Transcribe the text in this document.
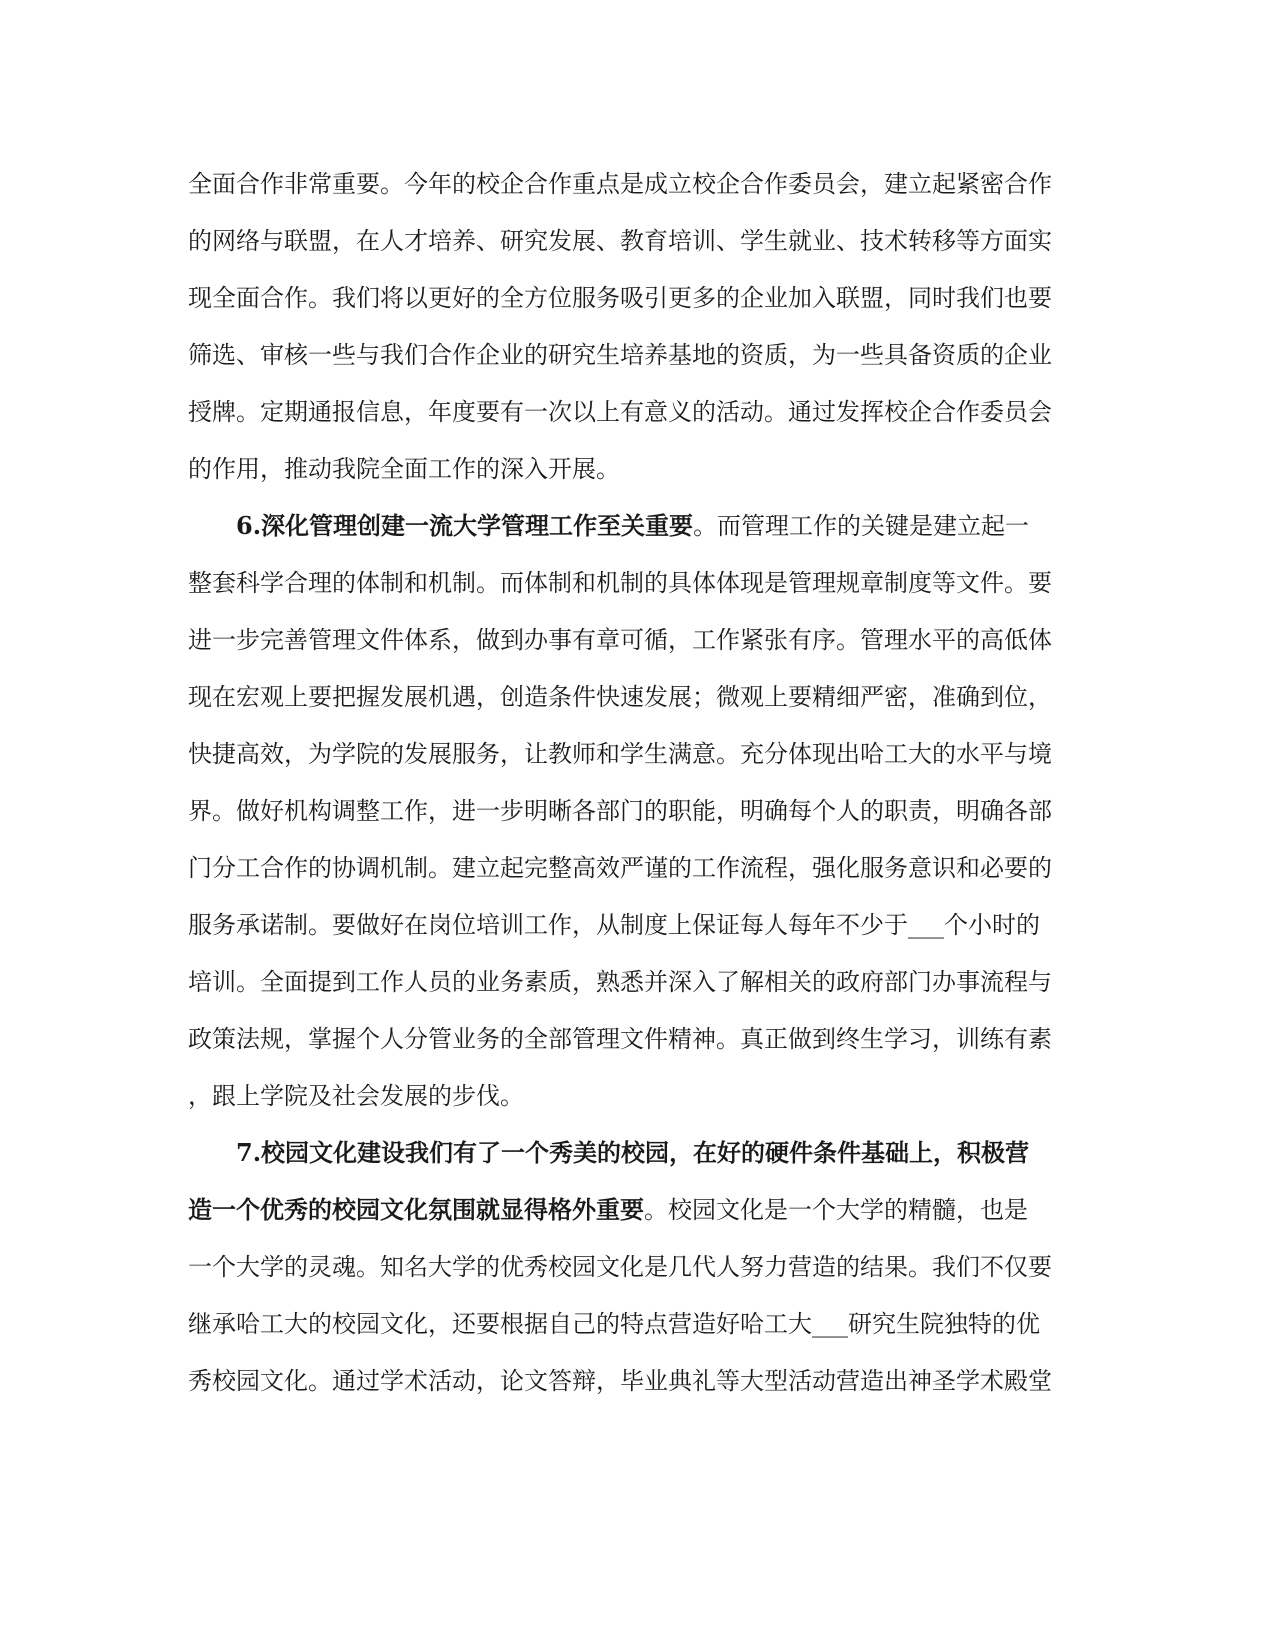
全面合作非常重要。今年的校企合作重点是成立校企合作委员会，建立起紧密合作
的网络与联盟，在人才培养、研究发展、教育培训、学生就业、技术转移等方面实
现全面合作。我们将以更好的全方位服务吸引更多的企业加入联盟，同时我们也要
筛选、审核一些与我们合作企业的研究生培养基地的资质，为一些具备资质的企业
授牌。定期通报信息，年度要有一次以上有意义的活动。通过发挥校企合作委员会
的作用，推动我院全面工作的深入开展。
6.深化管理创建一流大学管理工作至关重要。而管理工作的关键是建立起一
整套科学合理的体制和机制。而体制和机制的具体体现是管理规章制度等文件。要
进一步完善管理文件体系，做到办事有章可循，工作紧张有序。管理水平的高低体
现在宏观上要把握发展机遇，创造条件快速发展；微观上要精细严密，准确到位，
快捷高效，为学院的发展服务，让教师和学生满意。充分体现出哈工大的水平与境
界。做好机构调整工作，进一步明晰各部门的职能，明确每个人的职责，明确各部
门分工合作的协调机制。建立起完整高效严谨的工作流程，强化服务意识和必要的
服务承诺制。要做好在岗位培训工作，从制度上保证每人每年不少于___个小时的
培训。全面提到工作人员的业务素质，熟悉并深入了解相关的政府部门办事流程与
政策法规，掌握个人分管业务的全部管理文件精神。真正做到终生学习，训练有素
，跟上学院及社会发展的步伐。
7.校园文化建设我们有了一个秀美的校园，在好的硬件条件基础上，积极营
造一个优秀的校园文化氛围就显得格外重要。校园文化是一个大学的精髓，也是
一个大学的灵魂。知名大学的优秀校园文化是几代人努力营造的结果。我们不仅要
继承哈工大的校园文化，还要根据自己的特点营造好哈工大___研究生院独特的优
秀校园文化。通过学术活动，论文答辩，毕业典礼等大型活动营造出神圣学术殿堂
